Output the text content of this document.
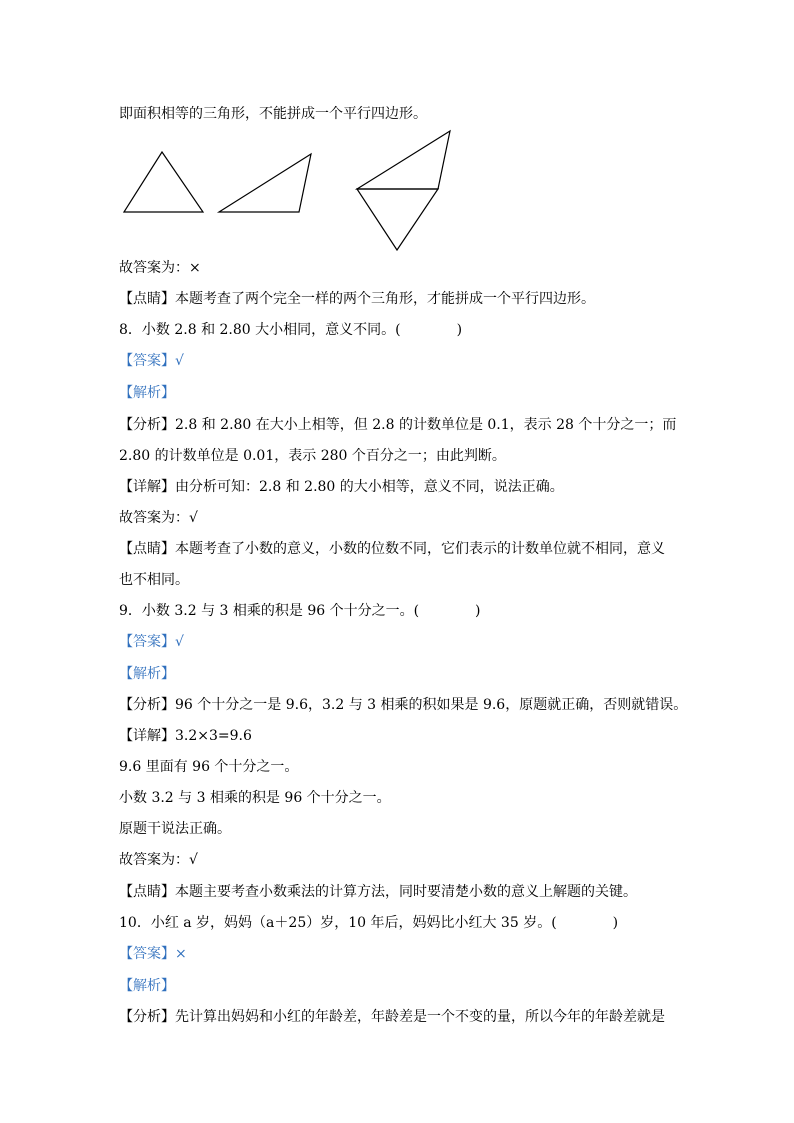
即面积相等的三角形，不能拼成一个平行四边形。
故答案为：×
【点睛】本题考查了两个完全一样的两个三角形，才能拼成一个平行四边形。
8．小数 2.8 和 2.80 大小相同，意义不同。(　　　　)
【答案】√
【解析】
【分析】2.8 和 2.80 在大小上相等，但 2.8 的计数单位是 0.1，表示 28 个十分之一；而
2.80 的计数单位是 0.01，表示 280 个百分之一；由此判断。
【详解】由分析可知：2.8 和 2.80 的大小相等，意义不同，说法正确。
故答案为：√
【点睛】本题考查了小数的意义，小数的位数不同，它们表示的计数单位就不相同，意义
也不相同。
9．小数 3.2 与 3 相乘的积是 96 个十分之一。(　　　　)
【答案】√
【解析】
【分析】96 个十分之一是 9.6，3.2 与 3 相乘的积如果是 9.6，原题就正确，否则就错误。
【详解】3.2×3=9.6
9.6 里面有 96 个十分之一。
小数 3.2 与 3 相乘的积是 96 个十分之一。
原题干说法正确。
故答案为：√
【点睛】本题主要考查小数乘法的计算方法，同时要清楚小数的意义上解题的关键。
10．小红 a 岁，妈妈（a＋25）岁，10 年后，妈妈比小红大 35 岁。(　　　　)
【答案】×
【解析】
【分析】先计算出妈妈和小红的年龄差，年龄差是一个不变的量，所以今年的年龄差就是
